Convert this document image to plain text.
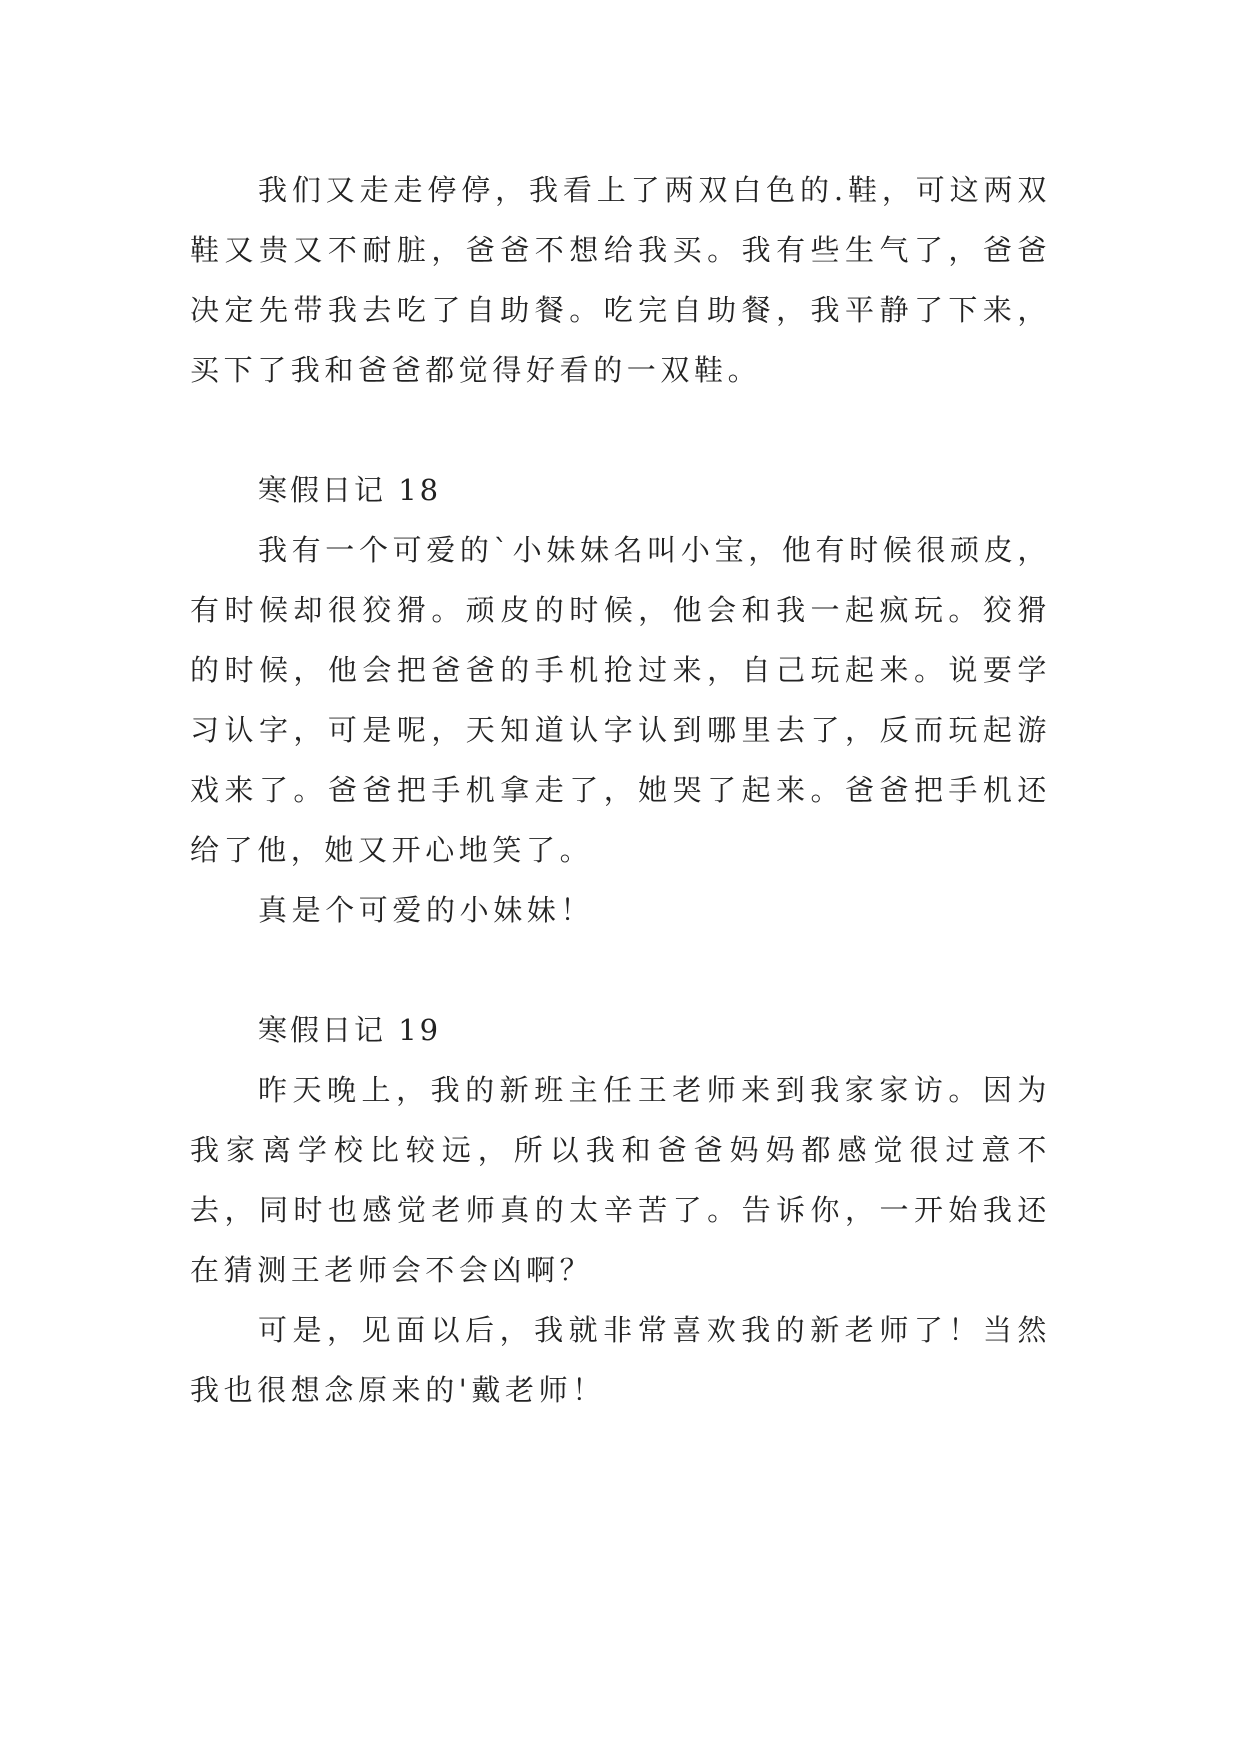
我们又走走停停，我看上了两双白色的.鞋，可这两双鞋又贵又不耐脏，爸爸不想给我买。我有些生气了，爸爸决定先带我去吃了自助餐。吃完自助餐，我平静了下来，买下了我和爸爸都觉得好看的一双鞋。

寒假日记 18

我有一个可爱的`小妹妹名叫小宝，他有时候很顽皮，有时候却很狡猾。顽皮的时候，他会和我一起疯玩。狡猾的时候，他会把爸爸的手机抢过来，自己玩起来。说要学习认字，可是呢，天知道认字认到哪里去了，反而玩起游戏来了。爸爸把手机拿走了，她哭了起来。爸爸把手机还给了他，她又开心地笑了。

真是个可爱的小妹妹！

寒假日记 19

昨天晚上，我的新班主任王老师来到我家家访。因为我家离学校比较远，所以我和爸爸妈妈都感觉很过意不去，同时也感觉老师真的太辛苦了。告诉你，一开始我还在猜测王老师会不会凶啊？

可是，见面以后，我就非常喜欢我的新老师了！当然我也很想念原来的'戴老师！
